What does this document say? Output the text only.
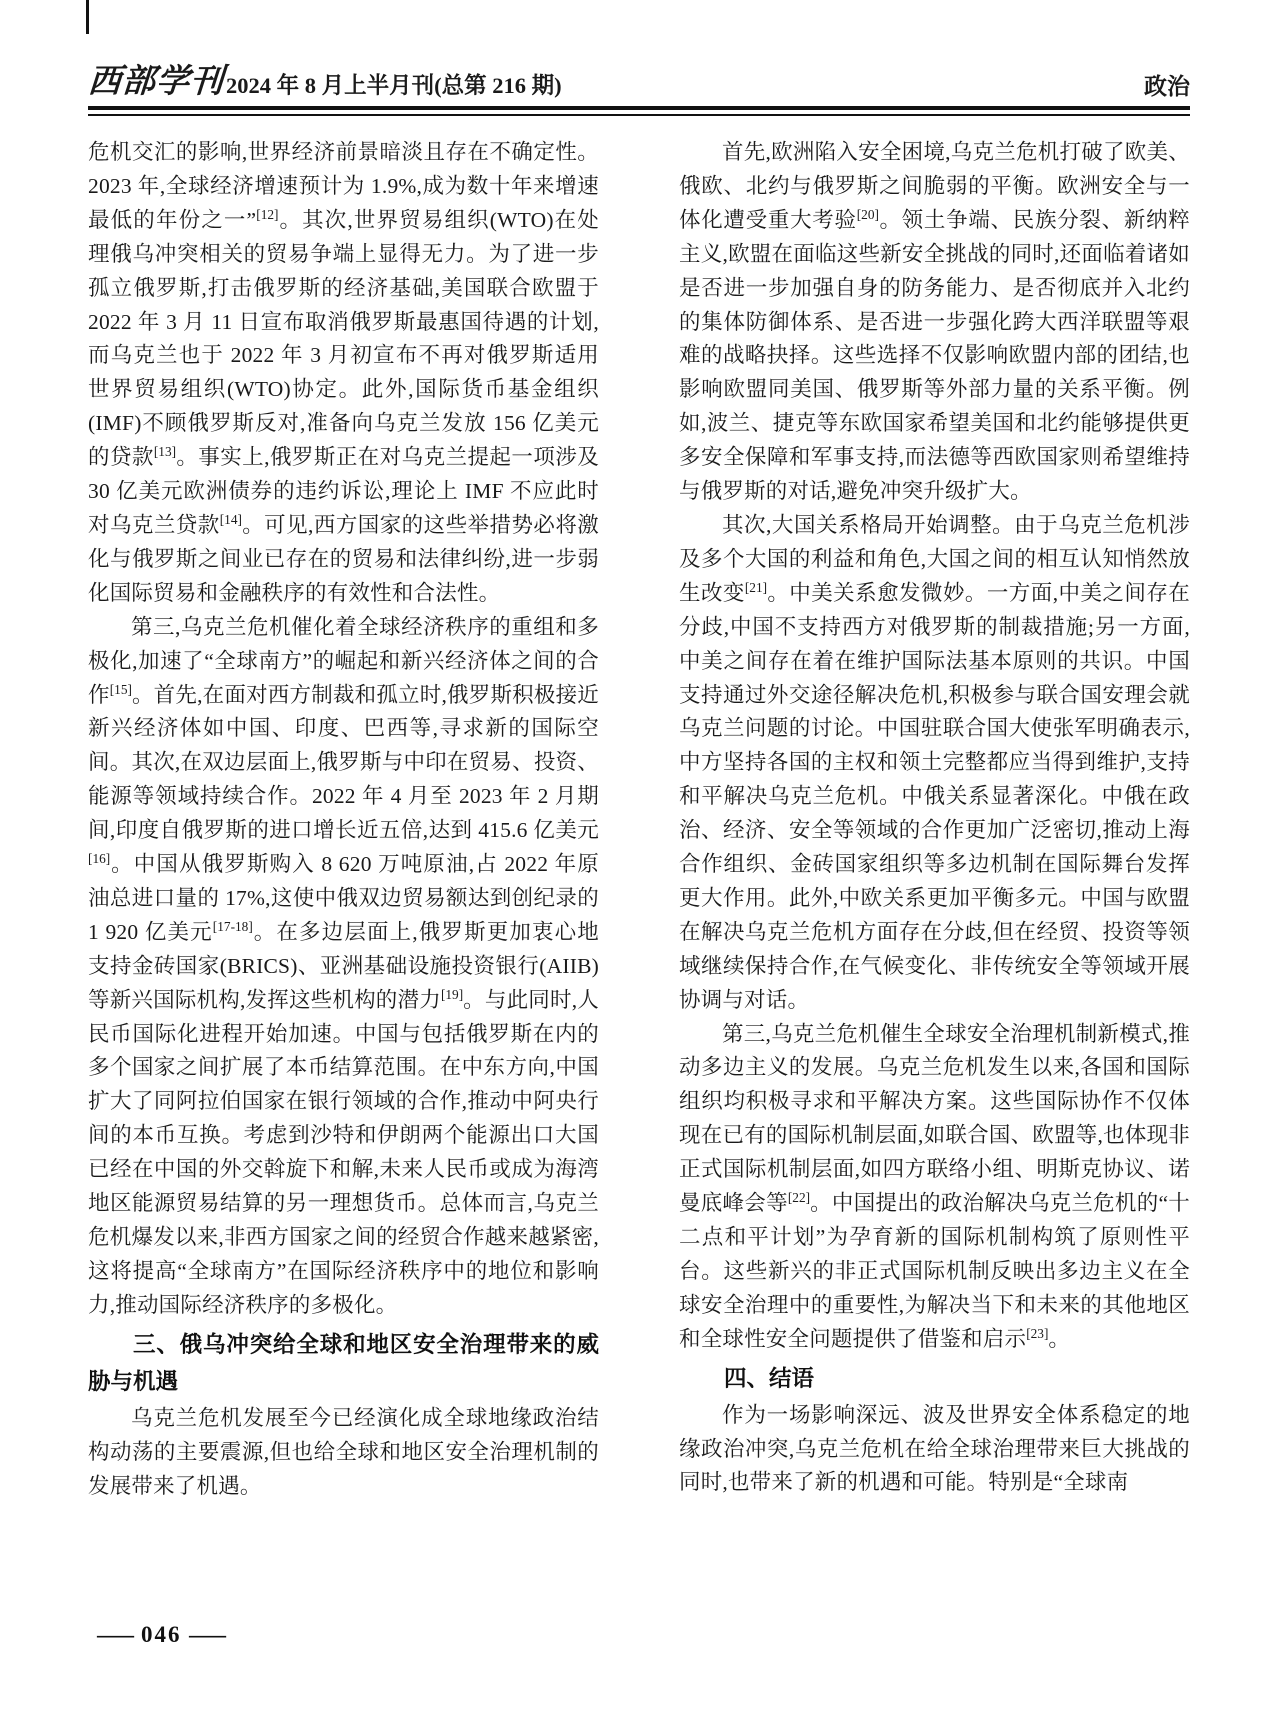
西部学刊 2024 年 8 月上半月刊(总第 216 期)	政治

危机交汇的影响,世界经济前景暗淡且存在不确定性。2023 年,全球经济增速预计为 1.9%,成为数十年来增速最低的年份之一”[12]。其次,世界贸易组织(WTO)在处理俄乌冲突相关的贸易争端上显得无力。为了进一步孤立俄罗斯,打击俄罗斯的经济基础,美国联合欧盟于 2022 年 3 月 11 日宣布取消俄罗斯最惠国待遇的计划,而乌克兰也于 2022 年 3 月初宣布不再对俄罗斯适用世界贸易组织(WTO)协定。此外,国际货币基金组织(IMF)不顾俄罗斯反对,准备向乌克兰发放 156 亿美元的贷款[13]。事实上,俄罗斯正在对乌克兰提起一项涉及 30 亿美元欧洲债券的违约诉讼,理论上 IMF 不应此时对乌克兰贷款[14]。可见,西方国家的这些举措势必将激化与俄罗斯之间业已存在的贸易和法律纠纷,进一步弱化国际贸易和金融秩序的有效性和合法性。

第三,乌克兰危机催化着全球经济秩序的重组和多极化,加速了“全球南方”的崛起和新兴经济体之间的合作[15]。首先,在面对西方制裁和孤立时,俄罗斯积极接近新兴经济体如中国、印度、巴西等,寻求新的国际空间。其次,在双边层面上,俄罗斯与中印在贸易、投资、能源等领域持续合作。2022 年 4 月至 2023 年 2 月期间,印度自俄罗斯的进口增长近五倍,达到 415.6 亿美元[16]。中国从俄罗斯购入 8 620 万吨原油,占 2022 年原油总进口量的 17%,这使中俄双边贸易额达到创纪录的 1 920 亿美元[17-18]。在多边层面上,俄罗斯更加衷心地支持金砖国家(BRICS)、亚洲基础设施投资银行(AIIB)等新兴国际机构,发挥这些机构的潜力[19]。与此同时,人民币国际化进程开始加速。中国与包括俄罗斯在内的多个国家之间扩展了本币结算范围。在中东方向,中国扩大了同阿拉伯国家在银行领域的合作,推动中阿央行间的本币互换。考虑到沙特和伊朗两个能源出口大国已经在中国的外交斡旋下和解,未来人民币或成为海湾地区能源贸易结算的另一理想货币。总体而言,乌克兰危机爆发以来,非西方国家之间的经贸合作越来越紧密,这将提高“全球南方”在国际经济秩序中的地位和影响力,推动国际经济秩序的多极化。

三、俄乌冲突给全球和地区安全治理带来的威胁与机遇

乌克兰危机发展至今已经演化成全球地缘政治结构动荡的主要震源,但也给全球和地区安全治理机制的发展带来了机遇。

首先,欧洲陷入安全困境,乌克兰危机打破了欧美、俄欧、北约与俄罗斯之间脆弱的平衡。欧洲安全与一体化遭受重大考验[20]。领土争端、民族分裂、新纳粹主义,欧盟在面临这些新安全挑战的同时,还面临着诸如是否进一步加强自身的防务能力、是否彻底并入北约的集体防御体系、是否进一步强化跨大西洋联盟等艰难的战略抉择。这些选择不仅影响欧盟内部的团结,也影响欧盟同美国、俄罗斯等外部力量的关系平衡。例如,波兰、捷克等东欧国家希望美国和北约能够提供更多安全保障和军事支持,而法德等西欧国家则希望维持与俄罗斯的对话,避免冲突升级扩大。

其次,大国关系格局开始调整。由于乌克兰危机涉及多个大国的利益和角色,大国之间的相互认知悄然放生改变[21]。中美关系愈发微妙。一方面,中美之间存在分歧,中国不支持西方对俄罗斯的制裁措施;另一方面,中美之间存在着在维护国际法基本原则的共识。中国支持通过外交途径解决危机,积极参与联合国安理会就乌克兰问题的讨论。中国驻联合国大使张军明确表示,中方坚持各国的主权和领土完整都应当得到维护,支持和平解决乌克兰危机。中俄关系显著深化。中俄在政治、经济、安全等领域的合作更加广泛密切,推动上海合作组织、金砖国家组织等多边机制在国际舞台发挥更大作用。此外,中欧关系更加平衡多元。中国与欧盟在解决乌克兰危机方面存在分歧,但在经贸、投资等领域继续保持合作,在气候变化、非传统安全等领域开展协调与对话。

第三,乌克兰危机催生全球安全治理机制新模式,推动多边主义的发展。乌克兰危机发生以来,各国和国际组织均积极寻求和平解决方案。这些国际协作不仅体现在已有的国际机制层面,如联合国、欧盟等,也体现非正式国际机制层面,如四方联络小组、明斯克协议、诺曼底峰会等[22]。中国提出的政治解决乌克兰危机的“十二点和平计划”为孕育新的国际机制构筑了原则性平台。这些新兴的非正式国际机制反映出多边主义在全球安全治理中的重要性,为解决当下和未来的其他地区和全球性安全问题提供了借鉴和启示[23]。

四、结语

作为一场影响深远、波及世界安全体系稳定的地缘政治冲突,乌克兰危机在给全球治理带来巨大挑战的同时,也带来了新的机遇和可能。特别是“全球南

— 046 —
